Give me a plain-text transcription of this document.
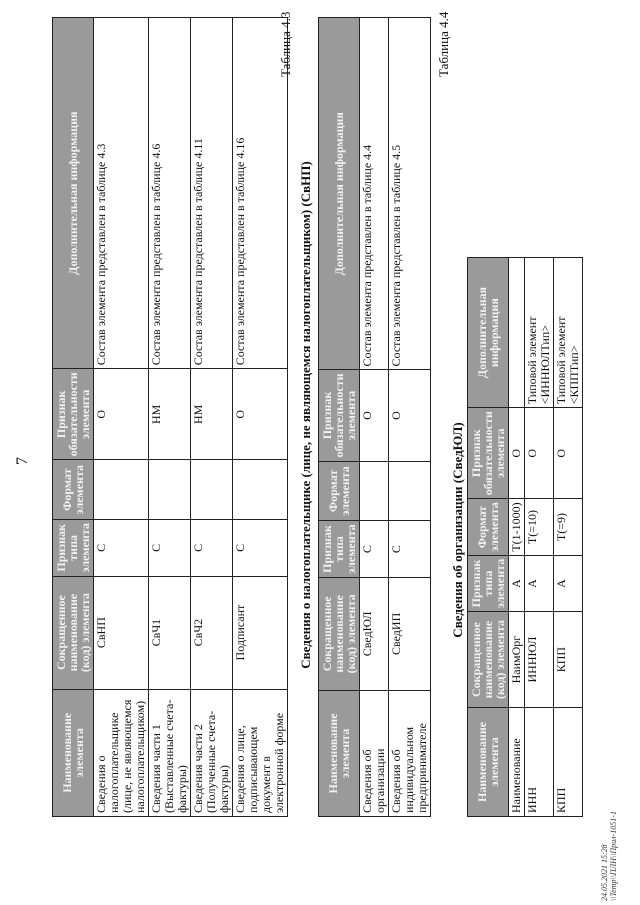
7
Наименование элемента	Сокращенное наименование (код) элемента	Признак типа элемента	Формат элемента	Признак обязательности элемента	Дополнительная информация
Сведения о налогоплательщике (лице, не являющемся налогоплательщиком)	СвНП	С		О	Состав элемента представлен в таблице 4.3
Сведения части 1 (Выставленные счета-фактуры)	СвЧ1	С		НМ	Состав элемента представлен в таблице 4.6
Сведения части 2 (Полученные счета-фактуры)	СвЧ2	С		НМ	Состав элемента представлен в таблице 4.11
Сведения о лице, подписывающем документ в электронной форме	Подписант	С		О	Состав элемента представлен в таблице 4.16
Таблица 4.3
Сведения о налогоплательщике (лице, не являющемся налогоплательщиком) (СвНП)
Наименование элемента	Сокращенное наименование (код) элемента	Признак типа элемента	Формат элемента	Признак обязательности элемента	Дополнительная информация
Сведения об организации	СведЮЛ	С		О	Состав элемента представлен в таблице 4.4
Сведения об индивидуальном предпринимателе	СведИП	С		О	Состав элемента представлен в таблице 4.5
Таблица 4.4
Сведения об организации (СведЮЛ)
Наименование элемента	Сокращенное наименование (код) элемента	Признак типа элемента	Формат элемента	Признак обязательности элемента	Дополнительная информация
Наименование	НаимОрг	А	T(1-1000)	О	
ИНН	ИННЮЛ	А	T(=10)	О	Типовой элемент <ИННЮЛТип>
КПП	КПП	А	T(=9)	О	Типовой элемент <КППТип>
24.05.2021 15:28 \\Temp\\ПЛН\\Прил-1051-1
